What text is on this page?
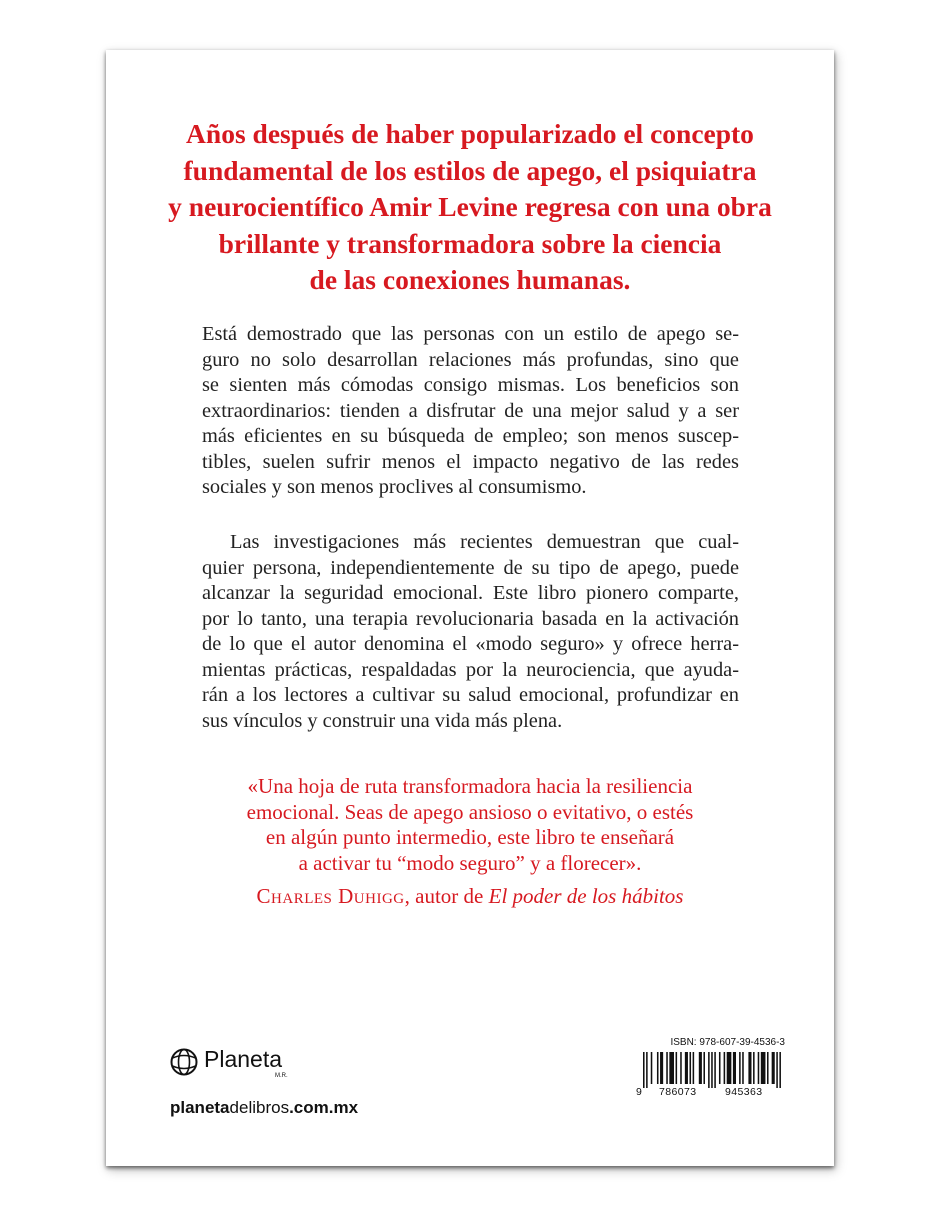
Años después de haber popularizado el concepto
fundamental de los estilos de apego, el psiquiatra
y neurocientífico Amir Levine regresa con una obra
brillante y transformadora sobre la ciencia
de las conexiones humanas.
Está demostrado que las personas con un estilo de apego se-
guro no solo desarrollan relaciones más profundas, sino que
se sienten más cómodas consigo mismas. Los beneficios son
extraordinarios: tienden a disfrutar de una mejor salud y a ser
más eficientes en su búsqueda de empleo; son menos suscep-
tibles, suelen sufrir menos el impacto negativo de las redes
sociales y son menos proclives al consumismo.
Las investigaciones más recientes demuestran que cual-
quier persona, independientemente de su tipo de apego, puede
alcanzar la seguridad emocional. Este libro pionero comparte,
por lo tanto, una terapia revolucionaria basada en la activación
de lo que el autor denomina el «modo seguro» y ofrece herra-
mientas prácticas, respaldadas por la neurociencia, que ayuda-
rán a los lectores a cultivar su salud emocional, profundizar en
sus vínculos y construir una vida más plena.
«Una hoja de ruta transformadora hacia la resiliencia
emocional. Seas de apego ansioso o evitativo, o estés
en algún punto intermedio, este libro te enseñará
a activar tu “modo seguro” y a florecer».
Charles Duhigg, autor de El poder de los hábitos
Planeta
M.R.
planetadelibros.com.mx
ISBN: 978-607-39-4536-3
9 786073	945363
